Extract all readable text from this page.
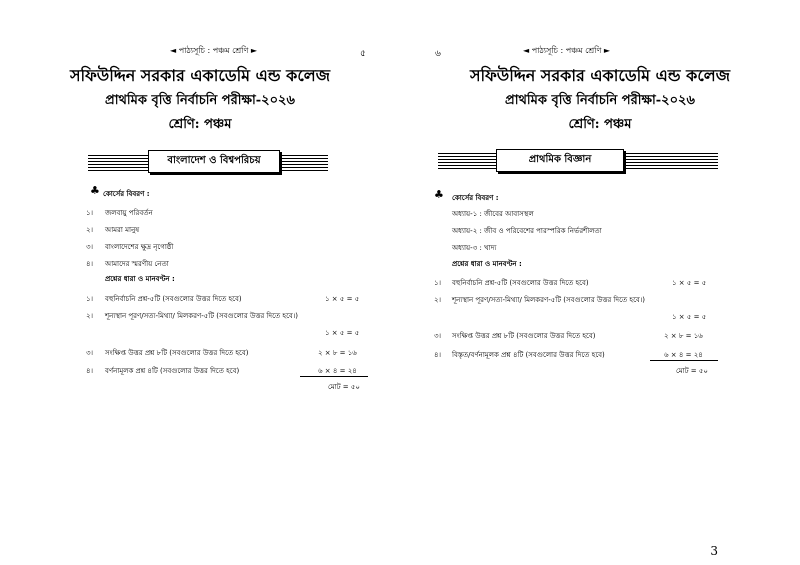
◄ পাঠ্যসূচি : পঞ্চম শ্রেণি ►	৫
সফিউদ্দিন সরকার একাডেমি এন্ড কলেজ
প্রাথমিক বৃত্তি নির্বাচনি পরীক্ষা-২০২৬
শ্রেণি: পঞ্চম
বাংলাদেশ ও বিশ্বপরিচয়
♣ কোর্সের বিবরণ :
১। জলবায়ু পরিবর্তন
২। আমরা মানুষ
৩। বাংলাদেশের ক্ষুদ্র নৃগোষ্ঠী
৪। আমাদের স্মরণীয় নেতা
প্রশ্নের ধারা ও মানবণ্টন :
১। বহুনির্বাচনি প্রশ্ন-৫টি (সবগুলোর উত্তর দিতে হবে)	১ × ৫ = ৫
২। শূন্যস্থান পূরণ/সত্য-মিথ্যা/ মিলকরণ-৫টি (সবগুলোর উত্তর দিতে হবে।)
১ × ৫ = ৫
৩। সংক্ষিপ্ত উত্তর প্রশ্ন ৮টি (সবগুলোর উত্তর দিতে হবে)	২ × ৮ = ১৬
৪। বর্ণনামূলক প্রশ্ন ৪টি (সবগুলোর উত্তর দিতে হবে)	৬ × ৪ = ২৪
মোট = ৫০
৬	◄ পাঠ্যসূচি : পঞ্চম শ্রেণি ►
সফিউদ্দিন সরকার একাডেমি এন্ড কলেজ
প্রাথমিক বৃত্তি নির্বাচনি পরীক্ষা-২০২৬
শ্রেণি: পঞ্চম
প্রাথমিক বিজ্ঞান
♣ কোর্সের বিবরণ :
অধ্যায়-১ : জীবের আবাসস্থল
অধ্যায়-২ : জীব ও পরিবেশের পারস্পরিক নির্ভরশীলতা
অধ্যায়-৩ : খাদ্য
প্রশ্নের ধারা ও মানবণ্টন :
১। বহুনির্বাচনি প্রশ্ন-৫টি (সবগুলোর উত্তর দিতে হবে)	১ × ৫ = ৫
২। শূন্যস্থান পূরণ/সত্য-মিথ্যা/ মিলকরণ-৫টি (সবগুলোর উত্তর দিতে হবে।)
১ × ৫ = ৫
৩। সংক্ষিপ্ত উত্তর প্রশ্ন ৮টি (সবগুলোর উত্তর দিতে হবে)	২ × ৮ = ১৬
৪। বিস্তৃত/বর্ণনামূলক প্রশ্ন ৪টি (সবগুলোর উত্তর দিতে হবে)	৬ × ৪ = ২৪
মোট = ৫০
3
